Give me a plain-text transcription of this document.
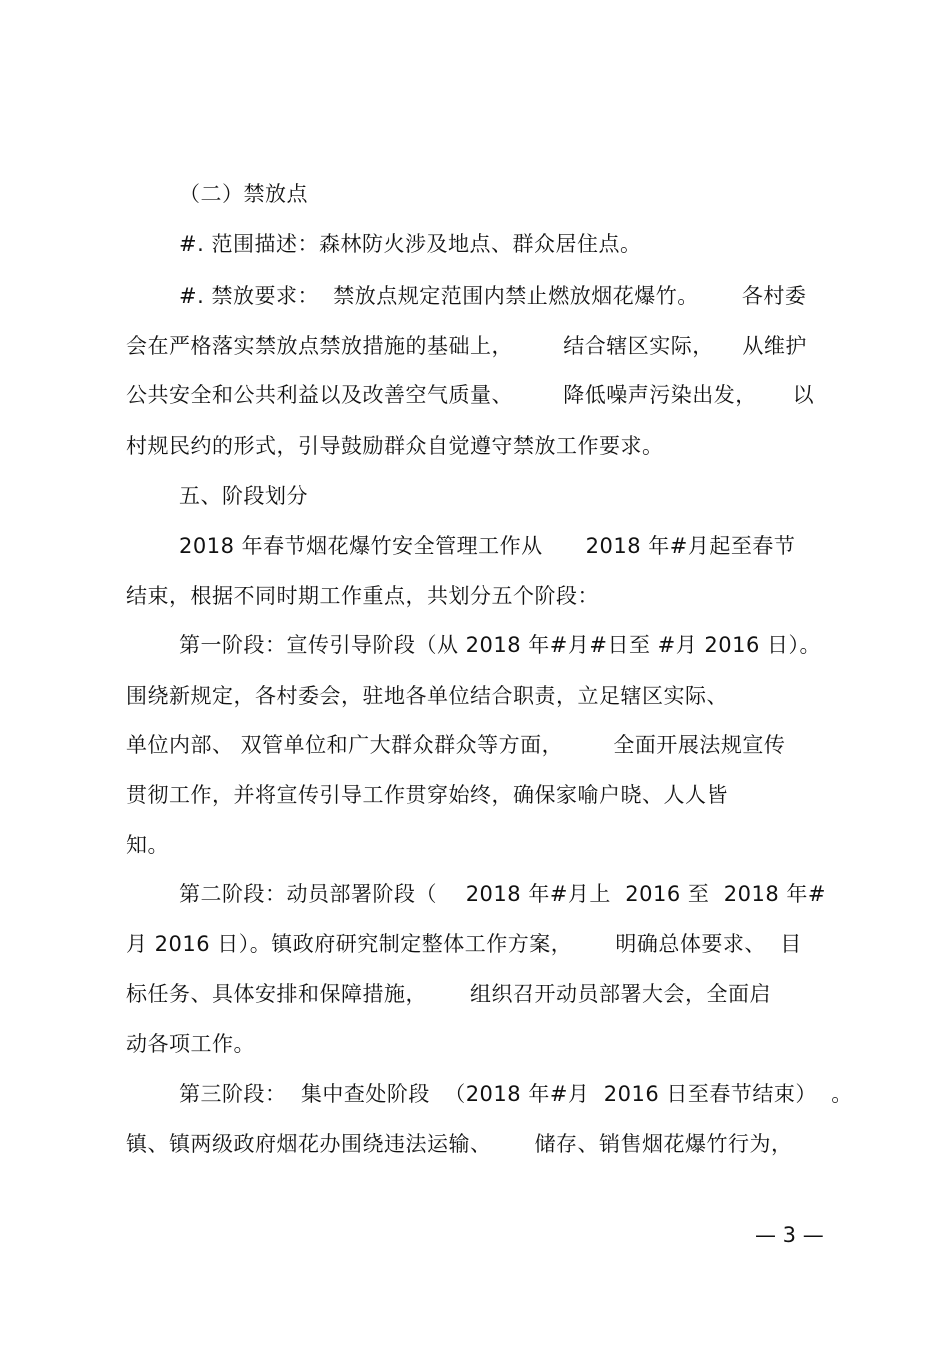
（二）禁放点
#. 范围描述：森林防火涉及地点、群众居住点。
#. 禁放要求：  禁放点规定范围内禁止燃放烟花爆竹。      各村委
会在严格落实禁放点禁放措施的基础上，       结合辖区实际，    从维护
公共安全和公共利益以及改善空气质量、       降低噪声污染出发，     以
村规民约的形式，引导鼓励群众自觉遵守禁放工作要求。
五、阶段划分
2018 年春节烟花爆竹安全管理工作从      2018 年#月起至春节
结束，根据不同时期工作重点，共划分五个阶段：
第一阶段：宣传引导阶段（从 2018 年#月#日至 #月 2016 日）。
围绕新规定，各村委会，驻地各单位结合职责，立足辖区实际、
单位内部、 双管单位和广大群众群众等方面，       全面开展法规宣传
贯彻工作，并将宣传引导工作贯穿始终，确保家喻户晓、人人皆
知。
第二阶段：动员部署阶段（    2018 年#月上  2016 至  2018 年#
月 2016 日）。镇政府研究制定整体工作方案，      明确总体要求、  目
标任务、具体安排和保障措施，      组织召开动员部署大会，全面启
动各项工作。
第三阶段：  集中查处阶段  （2018 年#月  2016 日至春节结束）  。
镇、镇两级政府烟花办围绕违法运输、      储存、销售烟花爆竹行为，
— 3 —
